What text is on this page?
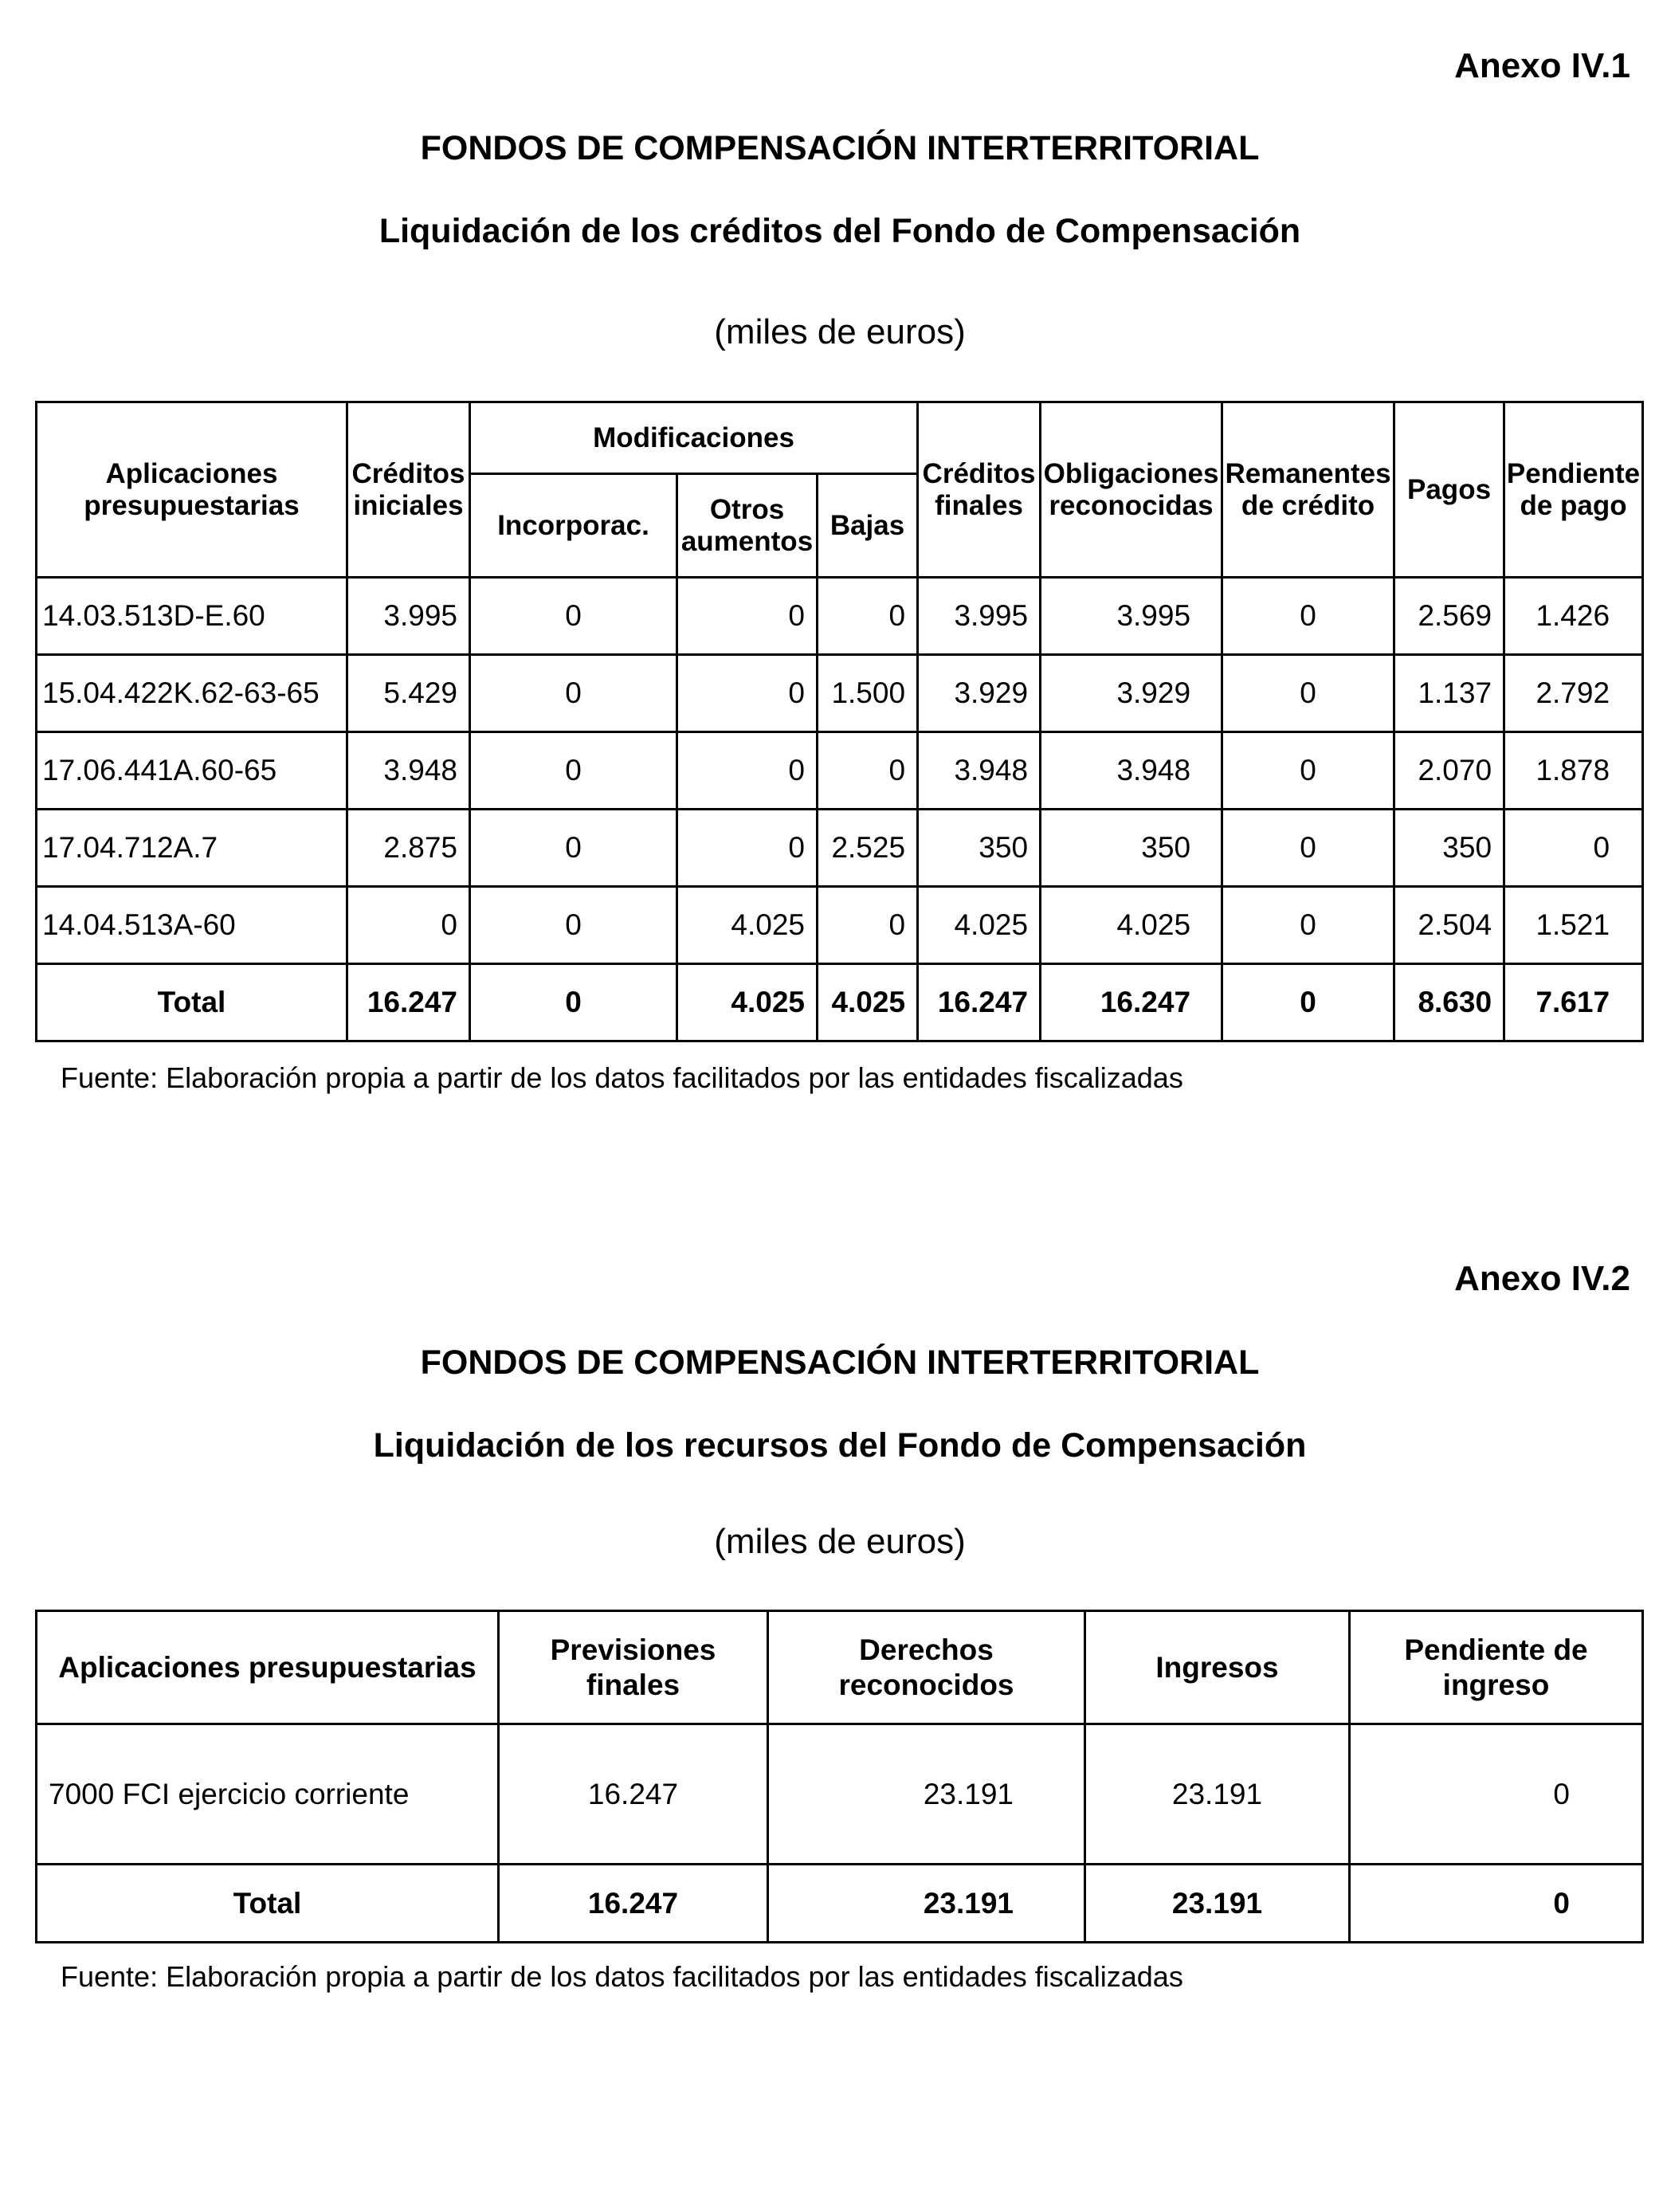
Anexo IV.1
FONDOS DE COMPENSACIÓN INTERTERRITORIAL
Liquidación de los créditos del Fondo de Compensación
(miles de euros)
Aplicaciones presupuestarias	Créditos iniciales	Modificaciones			Créditos finales	Obligaciones reconocidas	Remanentes de crédito	Pagos	Pendiente de pago
		Incorporac.	Otros aumentos	Bajas					
14.03.513D-E.60	3.995	0	0	0	3.995	3.995	0	2.569	1.426
15.04.422K.62-63-65	5.429	0	0	1.500	3.929	3.929	0	1.137	2.792
17.06.441A.60-65	3.948	0	0	0	3.948	3.948	0	2.070	1.878
17.04.712A.7	2.875	0	0	2.525	350	350	0	350	0
14.04.513A-60	0	0	4.025	0	4.025	4.025	0	2.504	1.521
Total	16.247	0	4.025	4.025	16.247	16.247	0	8.630	7.617
Fuente: Elaboración propia a partir de los datos facilitados por las entidades fiscalizadas
Anexo IV.2
FONDOS DE COMPENSACIÓN INTERTERRITORIAL
Liquidación de los recursos del Fondo de Compensación
(miles de euros)
Aplicaciones presupuestarias	Previsiones finales	Derechos reconocidos	Ingresos	Pendiente de ingreso
7000 FCI ejercicio corriente	16.247	23.191	23.191	0
Total	16.247	23.191	23.191	0
Fuente: Elaboración propia a partir de los datos facilitados por las entidades fiscalizadas
